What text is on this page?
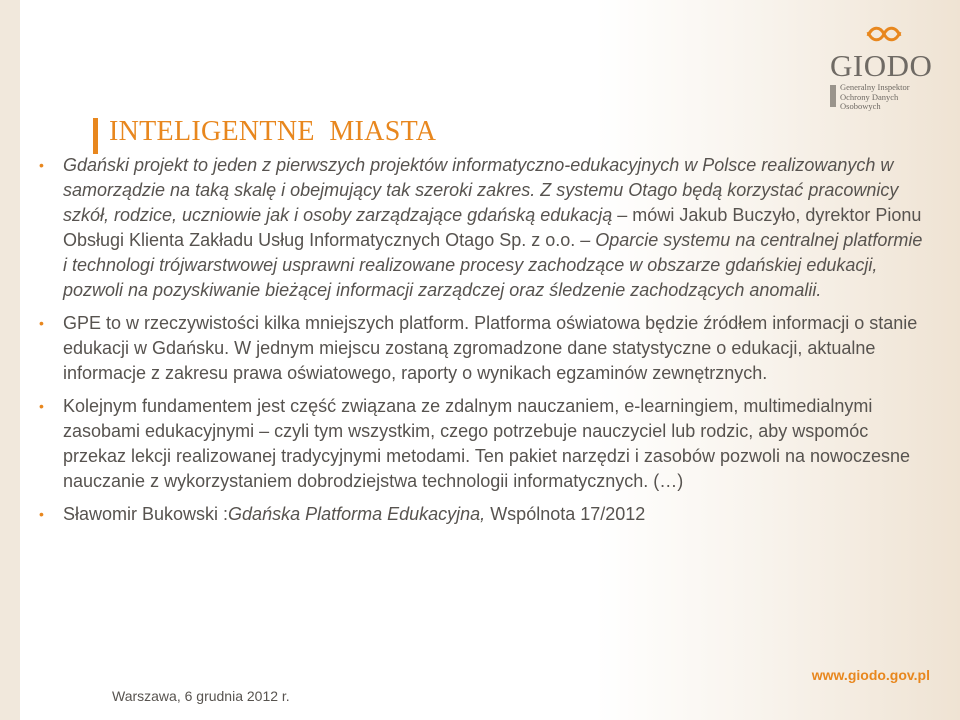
GIODO
Generalny Inspektor
Ochrony Danych Osobowych
INTELIGENTNE  MIASTA
• Gdański projekt to jeden z pierwszych projektów informatyczno-edukacyjnych w Polsce realizowanych w samorządzie na taką skalę i obejmujący tak szeroki zakres. Z systemu Otago będą korzystać pracownicy szkół, rodzice, uczniowie jak i osoby zarządzające gdańską edukacją – mówi Jakub Buczyło, dyrektor Pionu Obsługi Klienta Zakładu Usług Informatycznych Otago Sp. z o.o. – Oparcie systemu na centralnej platformie i technologi trójwarstwowej usprawni realizowane procesy zachodzące w obszarze gdańskiej edukacji, pozwoli na pozyskiwanie bieżącej informacji zarządczej oraz śledzenie zachodzących anomalii.
• GPE to w rzeczywistości kilka mniejszych platform. Platforma oświatowa będzie źródłem informacji o stanie edukacji w Gdańsku. W jednym miejscu zostaną zgromadzone dane statystyczne o edukacji, aktualne informacje z zakresu prawa oświatowego, raporty o wynikach egzaminów zewnętrznych.
• Kolejnym fundamentem jest część związana ze zdalnym nauczaniem, e-learningiem, multimedialnymi zasobami edukacyjnymi – czyli tym wszystkim, czego potrzebuje nauczyciel lub rodzic, aby wspomóc przekaz lekcji realizowanej tradycyjnymi metodami. Ten pakiet narzędzi i zasobów pozwoli na nowoczesne nauczanie z wykorzystaniem dobrodziejstwa technologii informatycznych. (…)
• Sławomir Bukowski :Gdańska Platforma Edukacyjna, Wspólnota 17/2012
www.giodo.gov.pl
Warszawa, 6 grudnia 2012 r.
